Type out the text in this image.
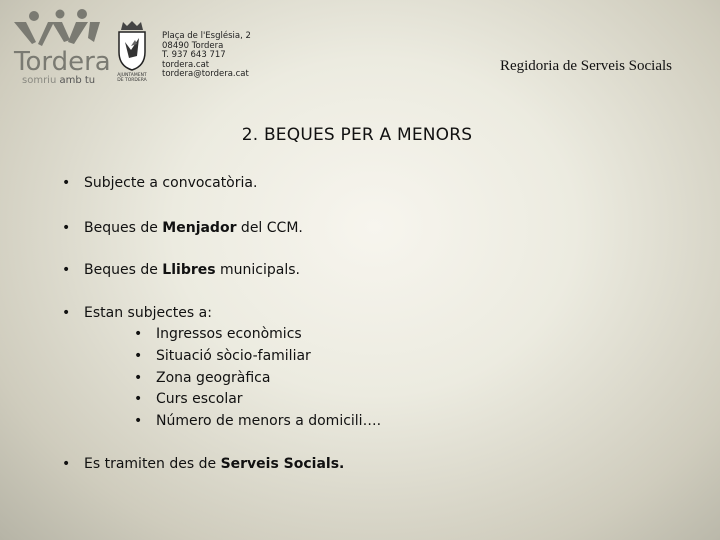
Tordera
somriu amb tu	AJUNTAMENT
DE TORDERA
Plaça de l'Església, 2
08490 Tordera
T. 937 643 717
tordera.cat
tordera@tordera.cat	Regidoria de Serveis Socials
2. BEQUES PER A MENORS
• Subjecte a convocatòria.
• Beques de Menjador del CCM.
• Beques de Llibres municipals.
• Estan subjectes a:
• Ingressos econòmics
• Situació sòcio-familiar
• Zona geogràfica
• Curs escolar
• Número de menors a domicili….
• Es tramiten des de Serveis Socials.
